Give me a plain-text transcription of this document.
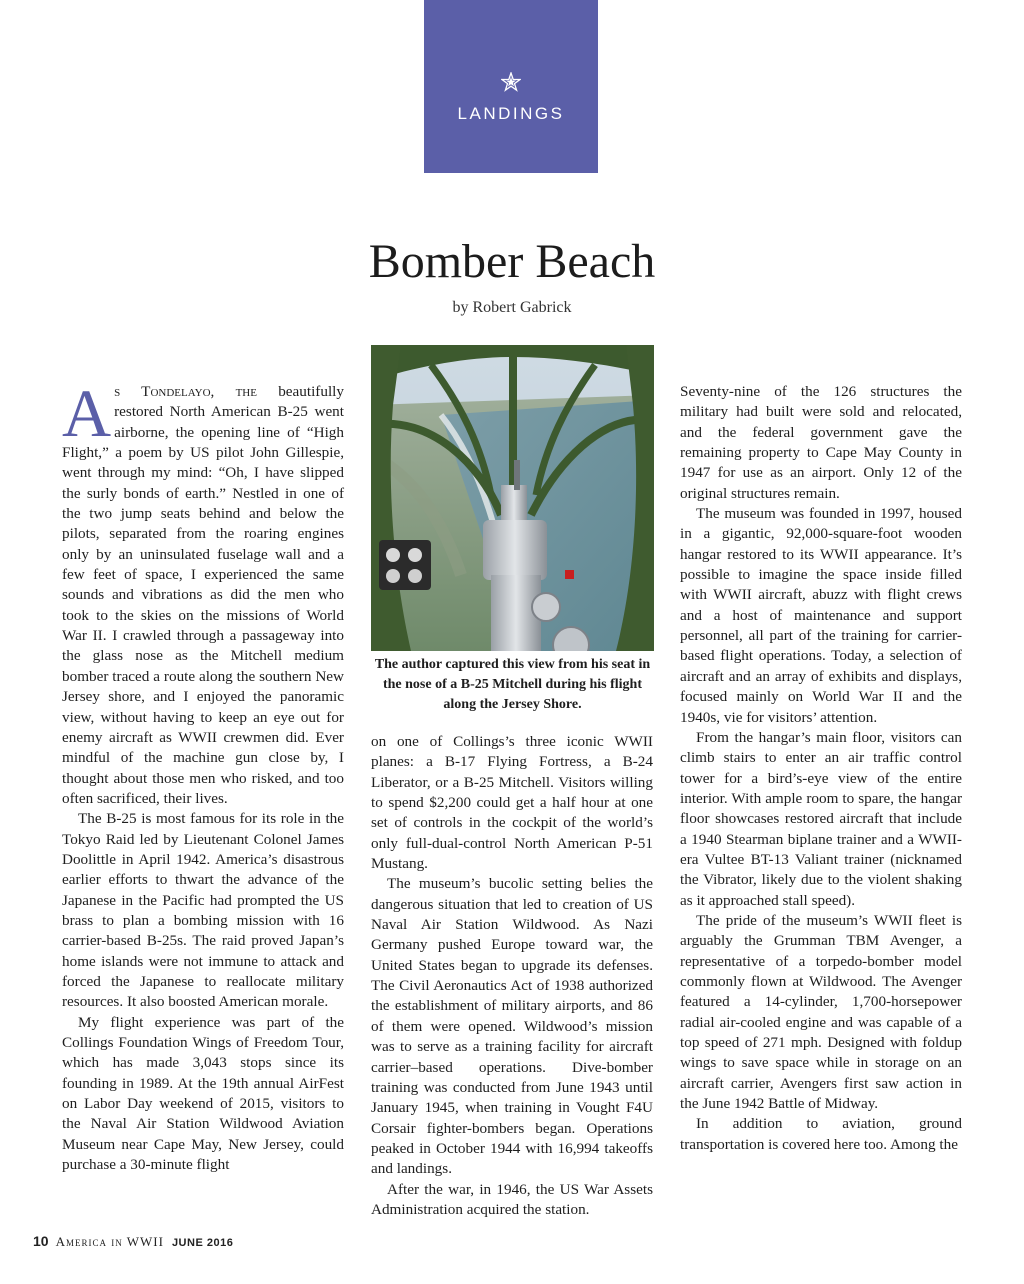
LANDINGS
Bomber Beach
by Robert Gabrick

As Tondelayo, the beautifully restored North American B-25 went airborne, the opening line of “High Flight,” a poem by US pilot John Gillespie, went through my mind: “Oh, I have slipped the surly bonds of earth.” Nestled in one of the two jump seats behind and below the pilots, separated from the roaring engines only by an uninsulated fuselage wall and a few feet of space, I experienced the same sounds and vibrations as did the men who took to the skies on the missions of World War II. I crawled through a passageway into the glass nose as the Mitchell medium bomber traced a route along the southern New Jersey shore, and I enjoyed the panoramic view, without having to keep an eye out for enemy aircraft as WWII crewmen did. Ever mindful of the machine gun close by, I thought about those men who risked, and too often sacrificed, their lives.

The B-25 is most famous for its role in the Tokyo Raid led by Lieutenant Colonel James Doolittle in April 1942. America’s disastrous earlier efforts to thwart the advance of the Japanese in the Pacific had prompted the US brass to plan a bombing mission with 16 carrier-based B-25s. The raid proved Japan’s home islands were not immune to attack and forced the Japanese to reallocate military resources. It also boosted American morale.

My flight experience was part of the Collings Foundation Wings of Freedom Tour, which has made 3,043 stops since its founding in 1989. At the 19th annual AirFest on Labor Day weekend of 2015, visitors to the Naval Air Station Wildwood Aviation Museum near Cape May, New Jersey, could purchase a 30-minute flight

The author captured this view from his seat in the nose of a B-25 Mitchell during his flight along the Jersey Shore.

on one of Collings’s three iconic WWII planes: a B-17 Flying Fortress, a B-24 Liberator, or a B-25 Mitchell. Visitors willing to spend $2,200 could get a half hour at one set of controls in the cockpit of the world’s only full-dual-control North American P-51 Mustang.

The museum’s bucolic setting belies the dangerous situation that led to creation of US Naval Air Station Wildwood. As Nazi Germany pushed Europe toward war, the United States began to upgrade its defenses. The Civil Aeronautics Act of 1938 authorized the establishment of military airports, and 86 of them were opened. Wildwood’s mission was to serve as a training facility for aircraft carrier–based operations. Dive-bomber training was conducted from June 1943 until January 1945, when training in Vought F4U Corsair fighter-bombers began. Operations peaked in October 1944 with 16,994 takeoffs and landings.

After the war, in 1946, the US War Assets Administration acquired the station.

Seventy-nine of the 126 structures the military had built were sold and relocated, and the federal government gave the remaining property to Cape May County in 1947 for use as an airport. Only 12 of the original structures remain.

The museum was founded in 1997, housed in a gigantic, 92,000-square-foot wooden hangar restored to its WWII appearance. It’s possible to imagine the space inside filled with WWII aircraft, abuzz with flight crews and a host of maintenance and support personnel, all part of the training for carrier-based flight operations. Today, a selection of aircraft and an array of exhibits and displays, focused mainly on World War II and the 1940s, vie for visitors’ attention.

From the hangar’s main floor, visitors can climb stairs to enter an air traffic control tower for a bird’s-eye view of the entire interior. With ample room to spare, the hangar floor showcases restored aircraft that include a 1940 Stearman biplane trainer and a WWII-era Vultee BT-13 Valiant trainer (nicknamed the Vibrator, likely due to the violent shaking as it approached stall speed).

The pride of the museum’s WWII fleet is arguably the Grumman TBM Avenger, a representative of a torpedo-bomber model commonly flown at Wildwood. The Avenger featured a 14-cylinder, 1,700-horsepower radial air-cooled engine and was capable of a top speed of 271 mph. Designed with foldup wings to save space while in storage on an aircraft carrier, Avengers first saw action in the June 1942 Battle of Midway.

In addition to aviation, ground transportation is covered here too. Among the

10 America in WWII JUNE 2016
